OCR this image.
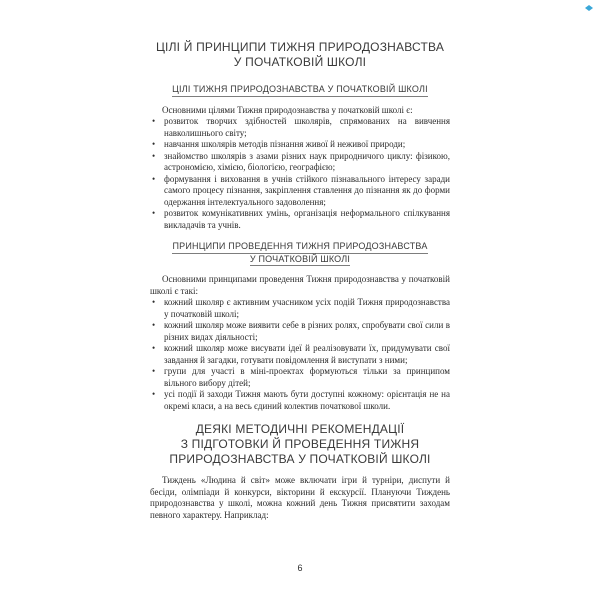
ЦІЛІ Й ПРИНЦИПИ ТИЖНЯ ПРИРОДОЗНАВСТВА
У ПОЧАТКОВІЙ ШКОЛІ
ЦІЛІ ТИЖНЯ ПРИРОДОЗНАВСТВА У ПОЧАТКОВІЙ ШКОЛІ

Основними цілями Тижня природознавства у початковій школі є:

• розвиток творчих здібностей школярів, спрямованих на вивчення навколишнього світу;
• навчання школярів методів пізнання живої й неживої природи;
• знайомство школярів з азами різних наук природничого циклу: фізикою, астрономією, хімією, біологією, географією;
• формування і виховання в учнів стійкого пізнавального інтересу заради самого процесу пізнання, закріплення ставлення до пізнання як до форми одержання інтелектуального задоволення;
• розвиток комунікативних умінь, організація неформального спілкування викладачів та учнів.
ПРИНЦИПИ ПРОВЕДЕННЯ ТИЖНЯ ПРИРОДОЗНАВСТВА У ПОЧАТКОВІЙ ШКОЛІ

Основними принципами проведення Тижня природознавства у початковій школі є такі:

• кожний школяр є активним учасником усіх подій Тижня природознавства у початковій школі;
• кожний школяр може виявити себе в різних ролях, спробувати свої сили в різних видах діяльності;
• кожний школяр може висувати ідеї й реалізовувати їх, придумувати свої завдання й загадки, готувати повідомлення й виступати з ними;
• групи для участі в міні-проектах формуються тільки за принципом вільного вибору дітей;
• усі події й заходи Тижня мають бути доступні кожному: орієнтація не на окремі класи, а на весь єдиний колектив початкової школи.
ДЕЯКІ МЕТОДИЧНІ РЕКОМЕНДАЦІЇ
З ПІДГОТОВКИ Й ПРОВЕДЕННЯ ТИЖНЯ
ПРИРОДОЗНАВСТВА У ПОЧАТКОВІЙ ШКОЛІ

Тиждень «Людина й світ» може включати ігри й турніри, диспути й бесіди, олімпіади й конкурси, вікторини й екскурсії. Плануючи Тиждень природознавства у школі, можна кожний день Тижня присвятити заходам певного характеру. Наприклад:

6
